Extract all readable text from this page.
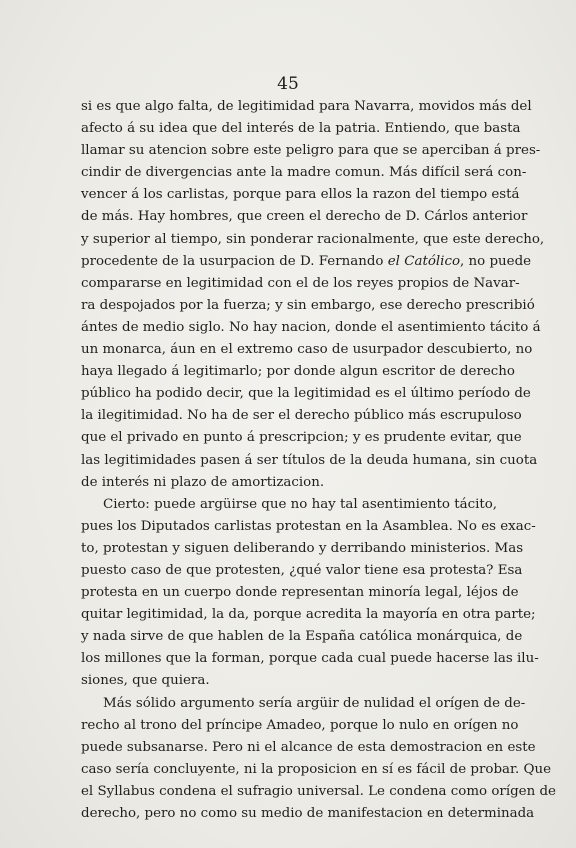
45
si es que algo falta, de legitimidad para Navarra, movidos más del
afecto á su idea que del interés de la patria. Entiendo, que basta
llamar su atencion sobre este peligro para que se aperciban á pres-
cindir de divergencias ante la madre comun. Más difícil será con-
vencer á los carlistas, porque para ellos la razon del tiempo está
de más. Hay hombres, que creen el derecho de D. Cárlos anterior
y superior al tiempo, sin ponderar racionalmente, que este derecho,
procedente de la usurpacion de D. Fernando el Católico, no puede
compararse en legitimidad con el de los reyes propios de Navar-
ra despojados por la fuerza; y sin embargo, ese derecho prescribió
ántes de medio siglo. No hay nacion, donde el asentimiento tácito á
un monarca, áun en el extremo caso de usurpador descubierto, no
haya llegado á legitimarlo; por donde algun escritor de derecho
público ha podido decir, que la legitimidad es el último período de
la ilegitimidad. No ha de ser el derecho público más escrupuloso
que el privado en punto á prescripcion; y es prudente evitar, que
las legitimidades pasen á ser títulos de la deuda humana, sin cuota
de interés ni plazo de amortizacion.
Cierto: puede argüirse que no hay tal asentimiento tácito,
pues los Diputados carlistas protestan en la Asamblea. No es exac-
to, protestan y siguen deliberando y derribando ministerios. Mas
puesto caso de que protesten, ¿qué valor tiene esa protesta? Esa
protesta en un cuerpo donde representan minoría legal, léjos de
quitar legitimidad, la da, porque acredita la mayoría en otra parte;
y nada sirve de que hablen de la España católica monárquica, de
los millones que la forman, porque cada cual puede hacerse las ilu-
siones, que quiera.
Más sólido argumento sería argüir de nulidad el orígen de de-
recho al trono del príncipe Amadeo, porque lo nulo en orígen no
puede subsanarse. Pero ni el alcance de esta demostracion en este
caso sería concluyente, ni la proposicion en sí es fácil de probar. Que
el Syllabus condena el sufragio universal. Le condena como orígen de
derecho, pero no como su medio de manifestacion en determinada
